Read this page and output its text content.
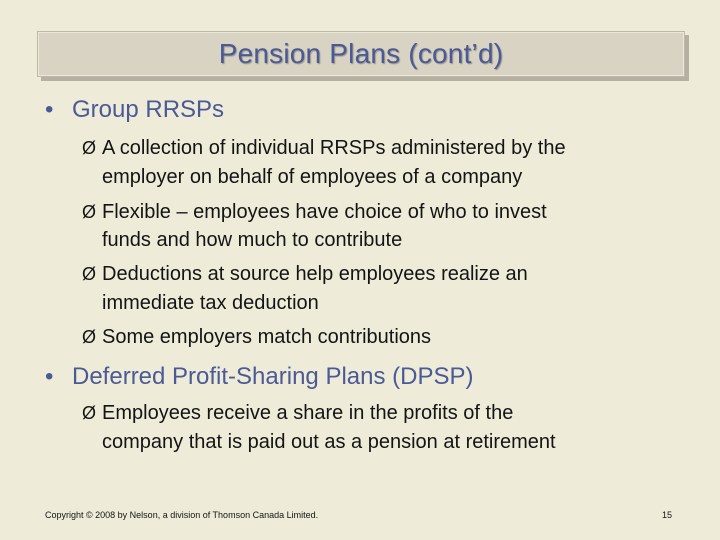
Pension Plans (cont’d)
• Group RRSPs
Ø A collection of individual RRSPs administered by the
employer on behalf of employees of a company
Ø Flexible – employees have choice of who to invest
funds and how much to contribute
Ø Deductions at source help employees realize an
immediate tax deduction
Ø Some employers match contributions
• Deferred Profit-Sharing Plans (DPSP)
Ø Employees receive a share in the profits of the
company that is paid out as a pension at retirement
Copyright © 2008 by Nelson, a division of Thomson Canada Limited.	15
